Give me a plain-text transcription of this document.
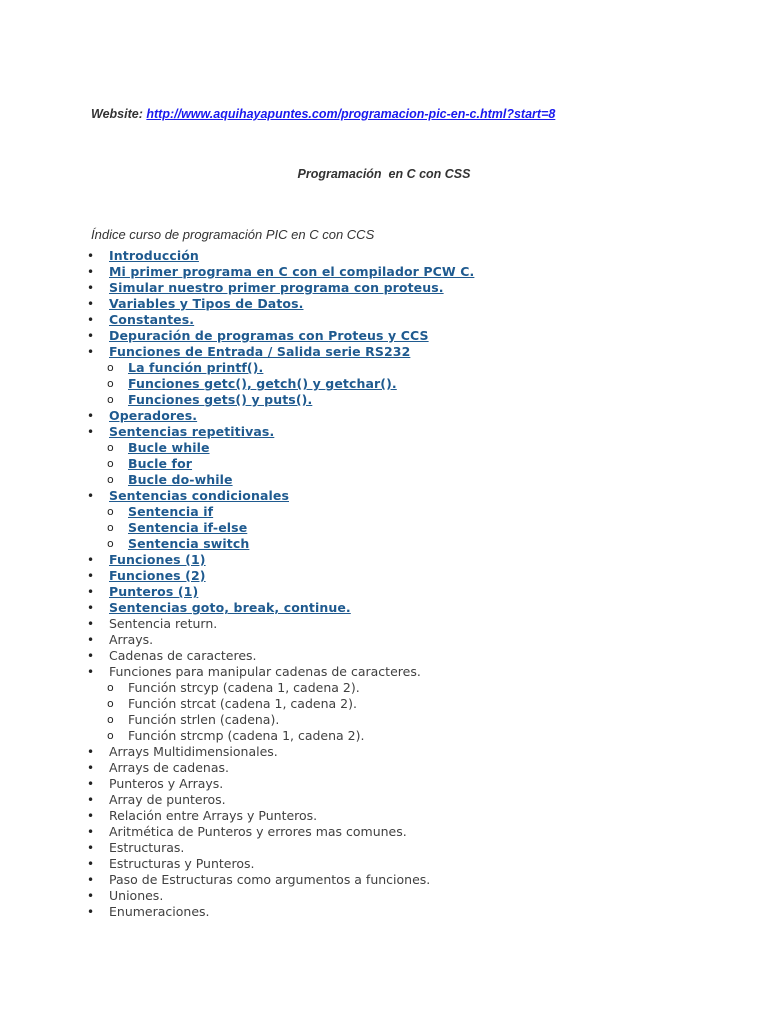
Website: http://www.aquihayapuntes.com/programacion-pic-en-c.html?start=8
Programación  en C con CSS
Índice curso de programación PIC en C con CCS
• Introducción
• Mi primer programa en C con el compilador PCW C.
• Simular nuestro primer programa con proteus.
• Variables y Tipos de Datos.
• Constantes.
• Depuración de programas con Proteus y CCS
• Funciones de Entrada / Salida serie RS232
o La función printf().
o Funciones getc(), getch() y getchar().
o Funciones gets() y puts().
• Operadores.
• Sentencias repetitivas.
o Bucle while
o Bucle for
o Bucle do-while
• Sentencias condicionales
o Sentencia if
o Sentencia if-else
o Sentencia switch
• Funciones (1)
• Funciones (2)
• Punteros (1)
• Sentencias goto, break, continue.
• Sentencia return.
• Arrays.
• Cadenas de caracteres.
• Funciones para manipular cadenas de caracteres.
o Función strcyp (cadena 1, cadena 2).
o Función strcat (cadena 1, cadena 2).
o Función strlen (cadena).
o Función strcmp (cadena 1, cadena 2).
• Arrays Multidimensionales.
• Arrays de cadenas.
• Punteros y Arrays.
• Array de punteros.
• Relación entre Arrays y Punteros.
• Aritmética de Punteros y errores mas comunes.
• Estructuras.
• Estructuras y Punteros.
• Paso de Estructuras como argumentos a funciones.
• Uniones.
• Enumeraciones.
